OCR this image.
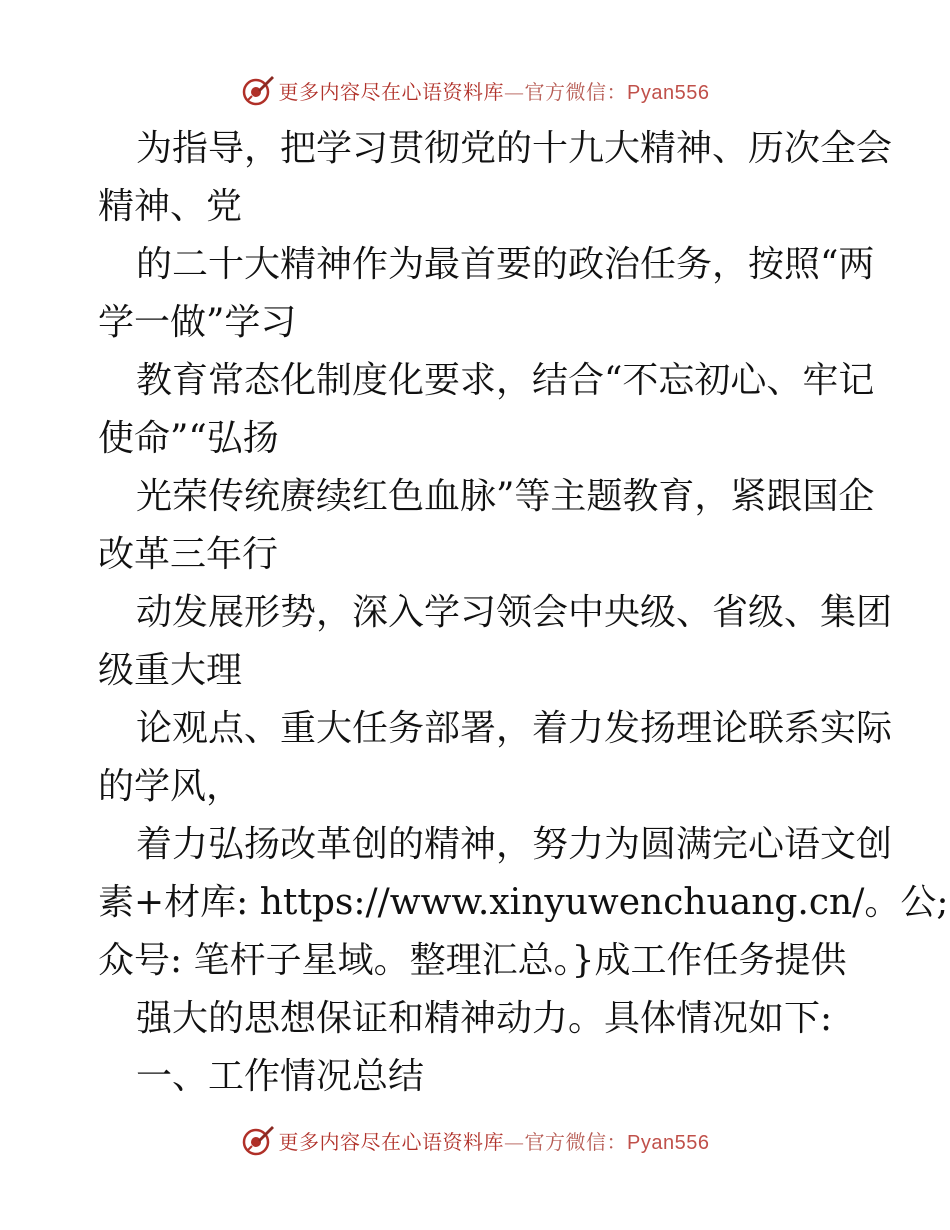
更多内容尽在心语资料库—官方微信：Pyan556
为指导，把学习贯彻党的十九大精神、历次全会
精神、党
的二十大精神作为最首要的政治任务，按照“两
学一做”学习
教育常态化制度化要求，结合“不忘初心、牢记
使命”“弘扬
光荣传统赓续红色血脉”等主题教育，紧跟国企
改革三年行
动发展形势，深入学习领会中央级、省级、集团
级重大理
论观点、重大任务部署，着力发扬理论联系实际
的学风，
着力弘扬改革创的精神，努力为圆满完心语文创
素+材库: https://www.xinyuwenchuang.cn/。公;
众号: 笔杆子星域。整理汇总。}成工作任务提供
强大的思想保证和精神动力。具体情况如下:
一、工作情况总结
更多内容尽在心语资料库—官方微信：Pyan556
